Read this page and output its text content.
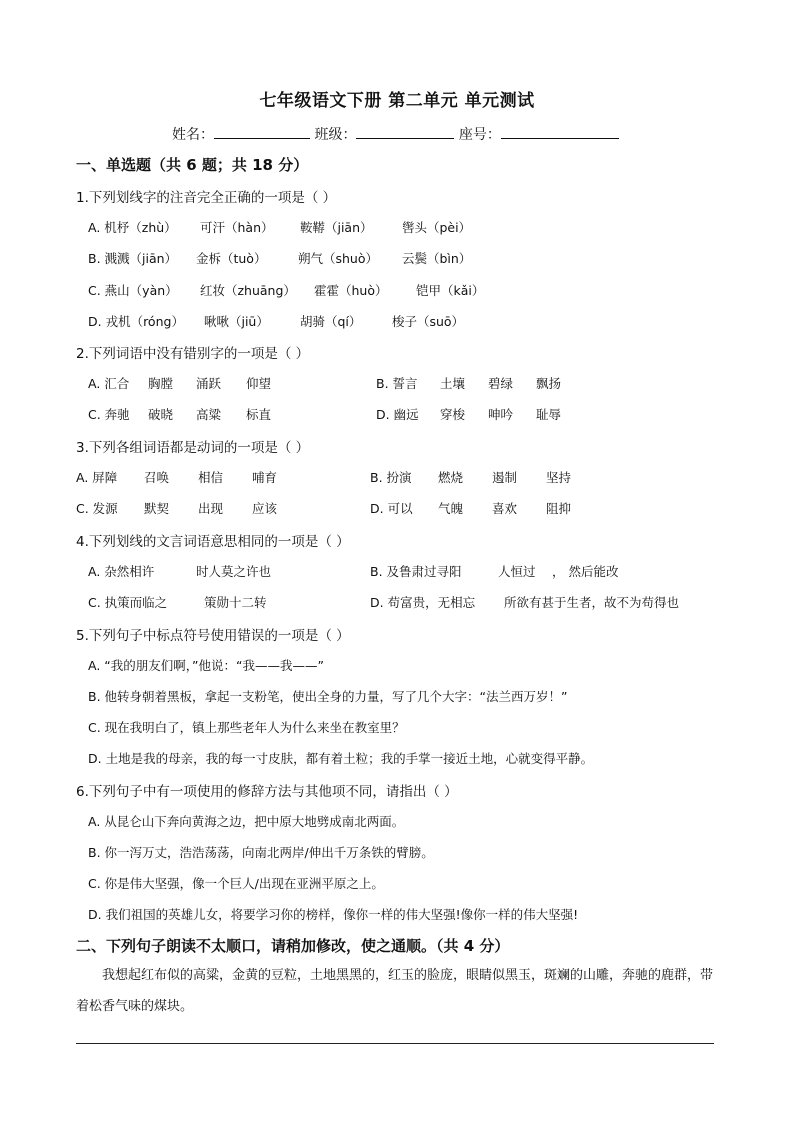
七年级语文下册 第二单元 单元测试
姓名：	班级：	座号：
一、单选题（共 6 题；共 18 分）
1.下列划线字的注音完全正确的一项是（ ）
A. 机杼（zhù） 可汗（hàn） 鞍鞯（jiān） 辔头（pèi）
B. 溅溅（jiān） 金柝（tuò）	朔气（shuò） 云鬓（bìn）
C. 燕山（yàn） 红妆（zhuāng） 霍霍（huò） 铠甲（kǎi）
D. 戎机（róng） 啾啾（jiū） 胡骑（qí） 梭子（suō）
2.下列词语中没有错别字的一项是（ ）
A. 汇合 胸膛 涌跃 仰望	B. 誓言 土壤 碧绿 飘扬
C. 奔驰 破晓 高粱 标直	D. 幽远 穿梭 呻吟 耻辱
3.下列各组词语都是动词的一项是（ ）
A. 屏障 召唤 相信 哺育	B. 扮演 燃烧 遏制 坚持
C. 发源 默契 出现 应该	D. 可以 气魄 喜欢 阻抑
4.下列划线的文言词语意思相同的一项是（ ）
A. 杂然相许	时人莫之许也	B. 及鲁肃过寻阳	人恒过 ， 然后能改
C. 执策而临之	策勋十二转	D. 苟富贵，无相忘 所欲有甚于生者，故不为苟得也
5.下列句子中标点符号使用错误的一项是（ ）
A. “我的朋友们啊，”他说：“我——我——”
B. 他转身朝着黑板，拿起一支粉笔，使出全身的力量，写了几个大字：“法兰西万岁！”
C. 现在我明白了，镇上那些老年人为什么来坐在教室里？
D. 土地是我的母亲，我的每一寸皮肤，都有着土粒；我的手掌一接近土地，心就变得平静。
6.下列句子中有一项使用的修辞方法与其他项不同，请指出（ ）
A. 从昆仑山下奔向黄海之边，把中原大地劈成南北两面。
B. 你一泻万丈，浩浩荡荡，向南北两岸/伸出千万条铁的臂膀。
C. 你是伟大坚强，像一个巨人/出现在亚洲平原之上。
D. 我们祖国的英雄儿女，将要学习你的榜样，像你一样的伟大坚强!像你一样的伟大坚强!
二、下列句子朗读不太顺口，请稍加修改，使之通顺。（共 4 分）
我想起红布似的高粱，金黄的豆粒，土地黑黑的，红玉的脸庞，眼睛似黑玉，斑斓的山雕，奔驰的鹿群，带着松香气味的煤块。
